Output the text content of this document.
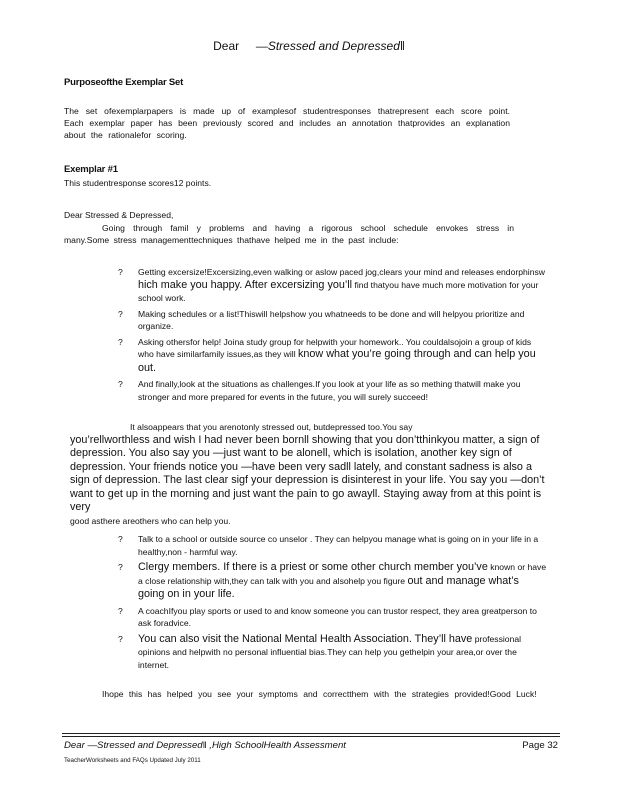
Dear —Stressed and Depressed‖
Purposeofthe Exemplar Set
The set ofexemplarpapers is made up of examplesof studentresponses thatrepresent each score point. Each exemplar paper has been previously scored and includes an annotation thatprovides an explanation about the rationalefor scoring.
Exemplar #1
This studentresponse scores12 points.
Dear Stressed & Depressed,
Going through famil y problems and having a rigorous school schedule envokes stress in many.Some stress managementtechniques thathave helped me in the past include:
? Getting excersize!Excersizing,even walking or aslow paced jog,clears your mind and releases endorphinsw hich make you happy. After excersizing you’ll find thatyou have much more motivation for your school work.
? Making schedules or a list!Thiswill helpshow you whatneeds to be done and will helpyou prioritize and organize.
? Asking othersfor help! Joina study group for helpwith your homework.. You couldalsojoin a group of kids who have similarfamily issues,as they will know what you’re going through and can help you out.
? And finally,look at the situations as challenges.If you look at your life as so mething thatwill make you stronger and more prepared for events in the future, you will surely succeed!
It alsoappears that you arenotonly stressed out, butdepressed too.You say
you’rellworthless and wish I had never been bornll showing that you don’tthinkyou matter, a sign of depression. You also say you —just want to be alonell, which is isolation, another key sign of depression. Your friends notice you —have been very sadll lately, and constant sadness is also a sign of depression. The last clear sigf your depression is disinterest in your life. You say you —don’t want to get up in the morning and just want the pain to go awayll. Staying away from at this point is very
good asthere areothers who can help you.
? Talk to a school or outside source co unselor . They can helpyou manage what is going on in your life in a healthy,non - harmful way.
? Clergy members. If there is a priest or some other church member you’ve known or have a close relationship with,they can talk with you and alsohelp you figure out and manage what’s going on in your life.
? A coachIfyou play sports or used to and know someone you can trustor respect, they area greatperson to ask foradvice.
? You can also visit the National Mental Health Association. They’ll have professional opinions and helpwith no personal influential bias.They can help you gethelpin your area,or over the internet.
Ihope this has helped you see your symptoms and correctthem with the strategies provided!Good Luck!
Dear —Stressed and Depressed‖ ,High SchoolHealth Assessment	Page 32
TeacherWorksheets and FAQs Updated July 2011
